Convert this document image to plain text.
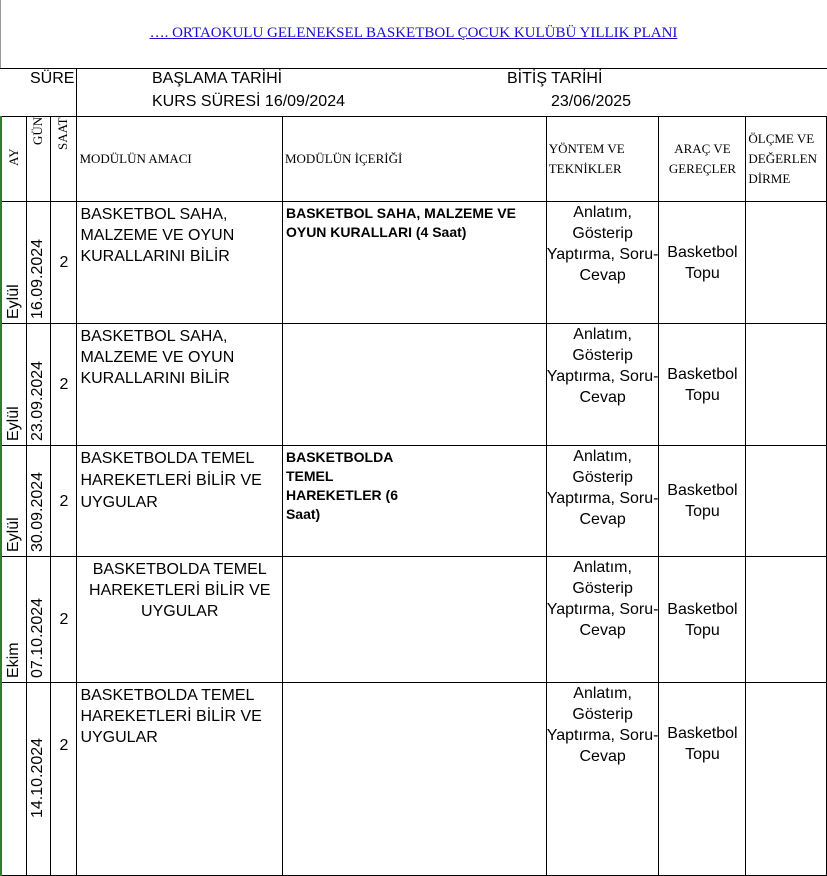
…. ORTAOKULU GELENEKSEL BASKETBOL ÇOCUK KULÜBÜ YILLIK PLANI
SÜRE	BAŞLAMA TARİHİ
KURS SÜRESİ 16/09/2024
BİTİŞ TARİHİ
23/06/2025
AY	GÜN	SAAT	MODÜLÜN AMACI	MODÜLÜN İÇERİĞİ	YÖNTEM VE TEKNİKLER	ARAÇ VE GEREÇLER	ÖLÇME VE DEĞERLENDİRME

Eylül	16.09.2024	2	BASKETBOL SAHA, MALZEME VE OYUN KURALLARINI BİLİR	BASKETBOL SAHA, MALZEME VE OYUN KURALLARI (4 Saat)	Anlatım, Gösterip Yaptırma, Soru-Cevap	Basketbol Topu	

Eylül	23.09.2024	2	BASKETBOL SAHA, MALZEME VE OYUN KURALLARINI BİLİR		Anlatım, Gösterip Yaptırma, Soru-Cevap	Basketbol Topu	

Eylül	30.09.2024	2	BASKETBOLDA TEMEL HAREKETLERİ BİLİR VE UYGULAR	BASKETBOLDA TEMEL HAREKETLER (6 Saat)	Anlatım, Gösterip Yaptırma, Soru-Cevap	Basketbol Topu	

Ekim	07.10.2024	2	BASKETBOLDA TEMEL HAREKETLERİ BİLİR VE UYGULAR		Anlatım, Gösterip Yaptırma, Soru-Cevap	Basketbol Topu	

	14.10.2024	2	BASKETBOLDA TEMEL HAREKETLERİ BİLİR VE UYGULAR		Anlatım, Gösterip Yaptırma, Soru-Cevap	Basketbol Topu	
